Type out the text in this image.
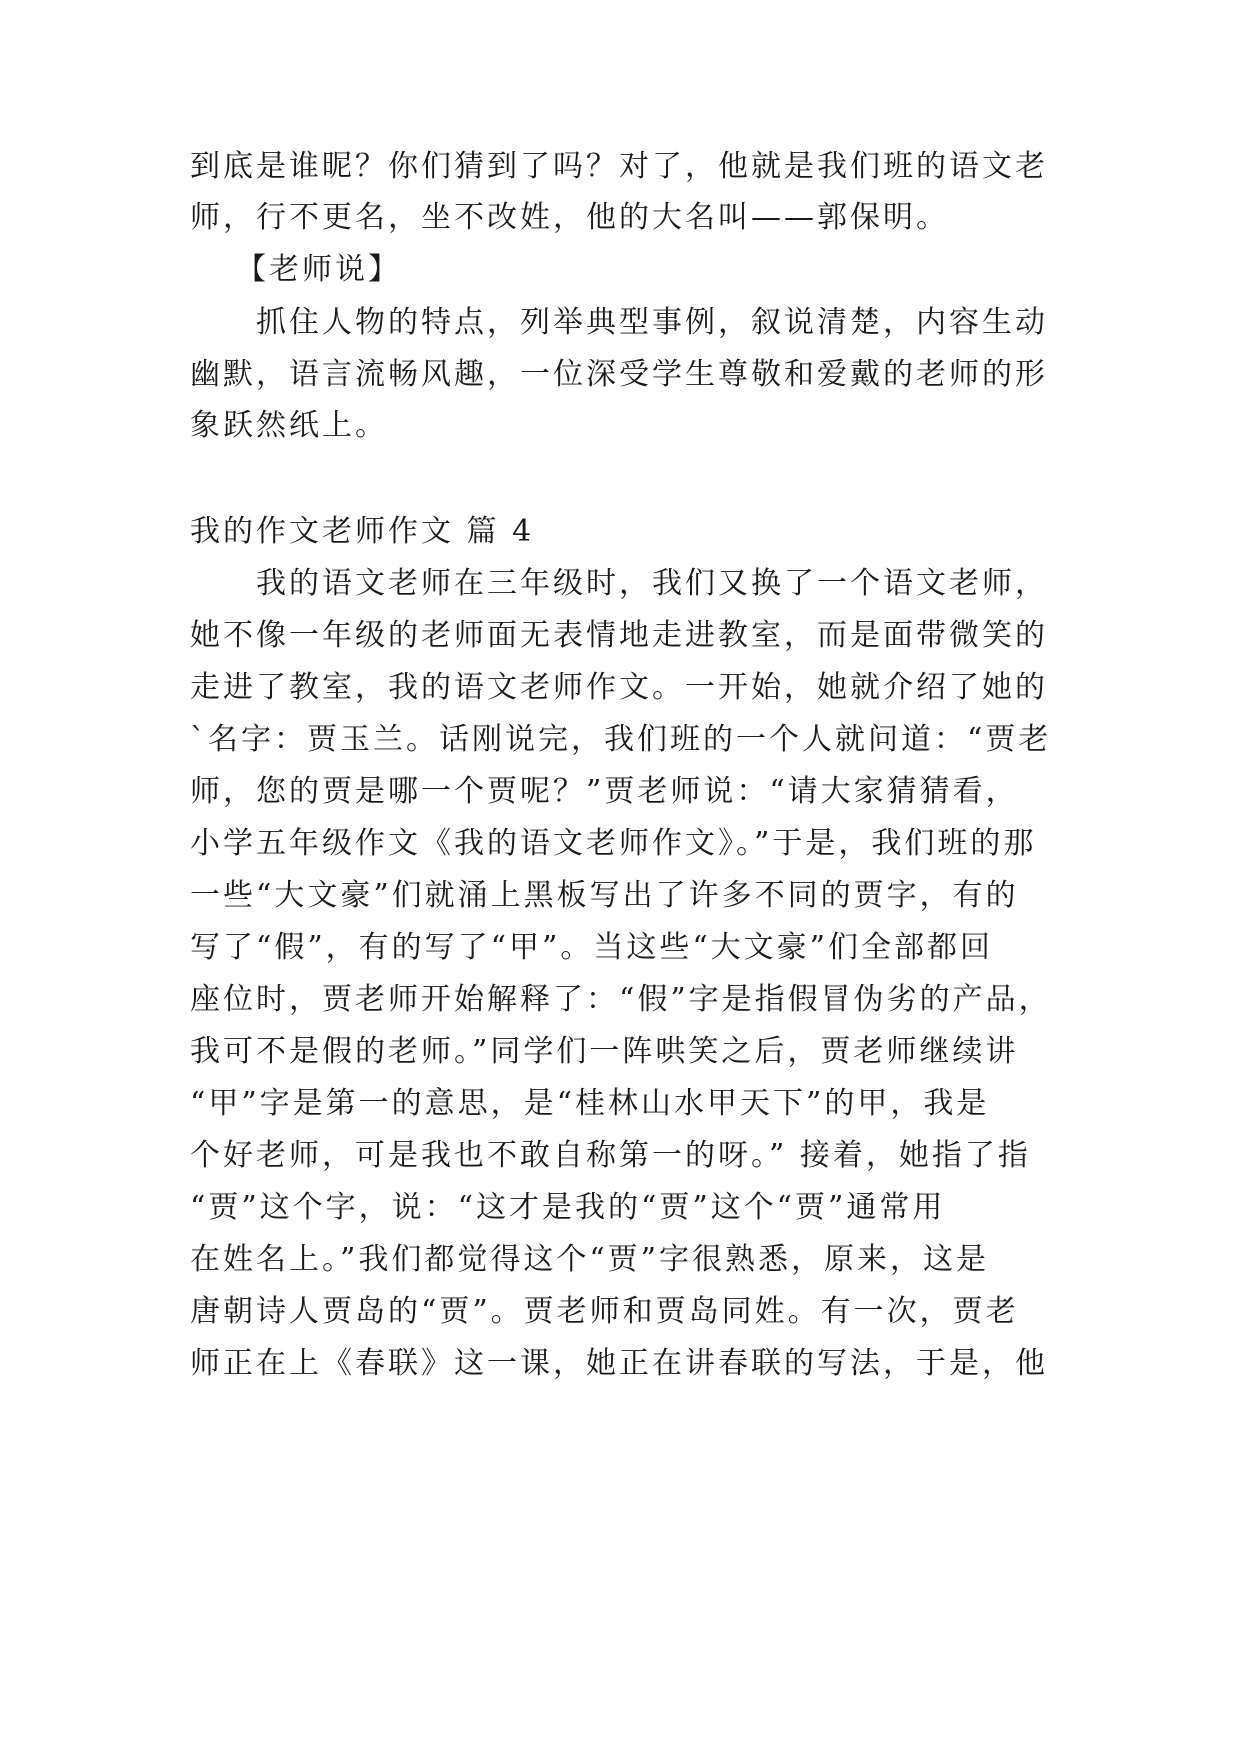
到底是谁昵？你们猜到了吗？对了，他就是我们班的语文老
师，行不更名，坐不改姓，他的大名叫——郭保明。
【老师说】
抓住人物的特点，列举典型事例，叙说清楚，内容生动
幽默，语言流畅风趣，一位深受学生尊敬和爱戴的老师的形
象跃然纸上。
我的作文老师作文 篇 4
我的语文老师在三年级时，我们又换了一个语文老师，
她不像一年级的老师面无表情地走进教室，而是面带微笑的
走进了教室，我的语文老师作文。一开始，她就介绍了她的
`名字：贾玉兰。话刚说完，我们班的一个人就问道：“贾老
师，您的贾是哪一个贾呢？”贾老师说：“请大家猜猜看，
小学五年级作文《我的语文老师作文》。”于是，我们班的那
一些“大文豪”们就涌上黑板写出了许多不同的贾字，有的
写了“假”，有的写了“甲”。当这些“大文豪”们全部都回
座位时，贾老师开始解释了：“假”字是指假冒伪劣的产品，
我可不是假的老师。”同学们一阵哄笑之后，贾老师继续讲
“甲”字是第一的意思，是“桂林山水甲天下”的甲，我是
个好老师，可是我也不敢自称第一的呀。” 接着，她指了指
“贾”这个字，说：“这才是我的“贾”这个“贾”通常用
在姓名上。”我们都觉得这个“贾”字很熟悉，原来，这是
唐朝诗人贾岛的“贾”。贾老师和贾岛同姓。有一次，贾老
师正在上《春联》这一课，她正在讲春联的写法，于是，他
